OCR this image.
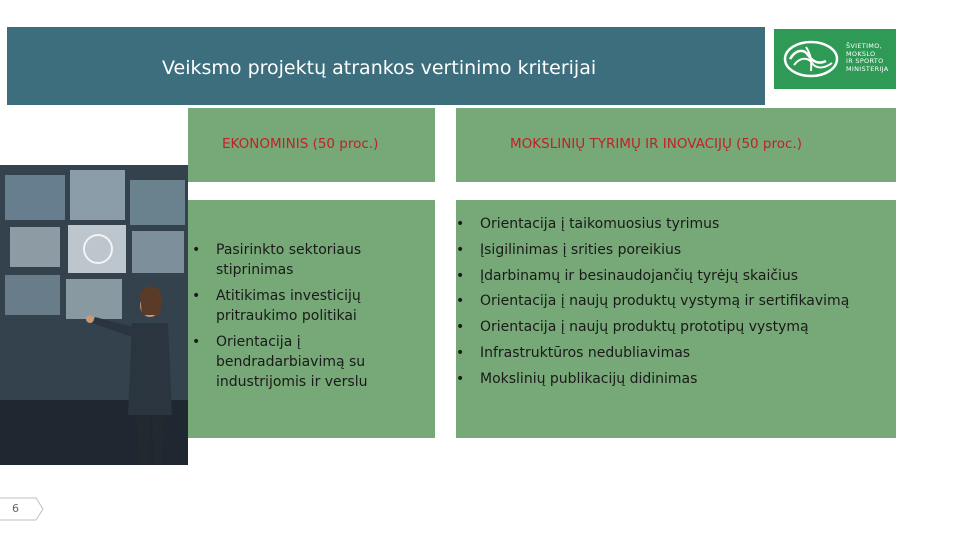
Veiksmo projektų atrankos vertinimo kriterijai
ŠVIETIMO,
MOKSLO
IR SPORTO
MINISTERIJA
EKONOMINIS (50 proc.)	MOKSLINIŲ TYRIMŲ IR INOVACIJŲ (50 proc.)
• Pasirinkto sektoriaus stiprinimas
• Atitikimas investicijų pritraukimo politikai
• Orientacija į bendradarbiavimą su industrijomis ir verslu
• Orientacija į taikomuosius tyrimus
• Įsigilinimas į srities poreikius
• Įdarbinamų ir besinaudojančių tyrėjų skaičius
• Orientacija į naujų produktų vystymą ir sertifikavimą
• Orientacija į naujų produktų prototipų vystymą
• Infrastruktūros nedubliavimas
• Mokslinių publikacijų didinimas
6
